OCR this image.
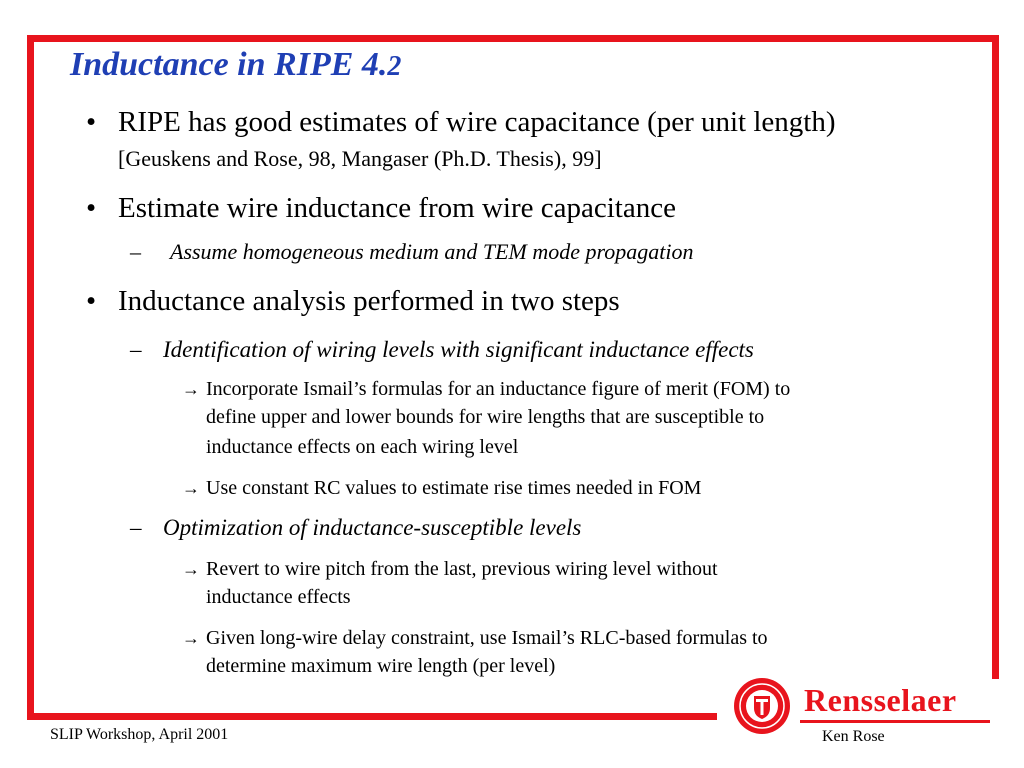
Inductance in RIPE 4.2
• RIPE has good estimates of wire capacitance (per unit length)
[Geuskens and Rose, 98, Mangaser (Ph.D. Thesis), 99]
• Estimate wire inductance from wire capacitance
–	Assume homogeneous medium and TEM mode propagation
• Inductance analysis performed in two steps
– Identification of wiring levels with significant inductance effects
→ Incorporate Ismail’s formulas for an inductance figure of merit (FOM) to
define upper and lower bounds for wire lengths that are susceptible to
inductance effects on each wiring level
→ Use constant RC values to estimate rise times needed in FOM
– Optimization of inductance-susceptible levels
→ Revert to wire pitch from the last, previous wiring level without
inductance effects
→ Given long-wire delay constraint, use Ismail’s RLC-based formulas to
determine maximum wire length (per level)
Rensselaer
SLIP Workshop, April 2001	Ken Rose
